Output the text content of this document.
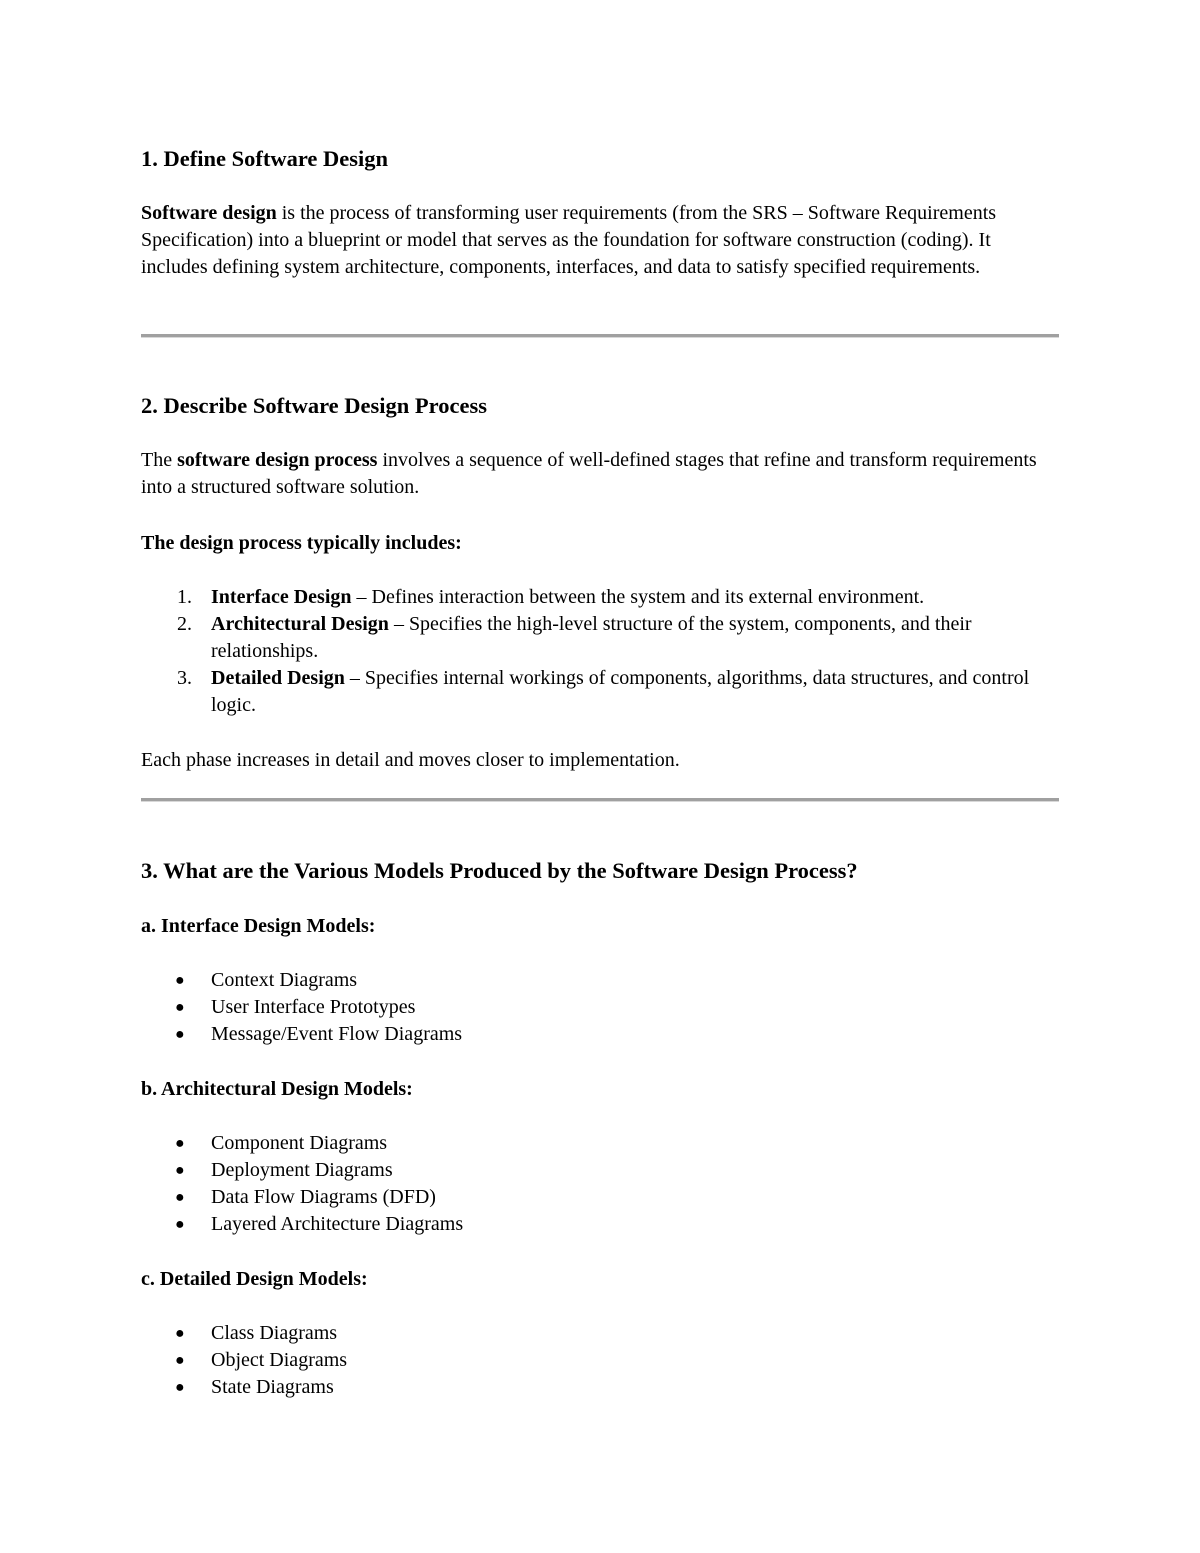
1. Define Software Design

Software design is the process of transforming user requirements (from the SRS – Software Requirements Specification) into a blueprint or model that serves as the foundation for software construction (coding). It includes defining system architecture, components, interfaces, and data to satisfy specified requirements.

2. Describe Software Design Process

The software design process involves a sequence of well-defined stages that refine and transform requirements into a structured software solution.

The design process typically includes:
1. Interface Design – Defines interaction between the system and its external environment.
2. Architectural Design – Specifies the high-level structure of the system, components, and their relationships.
3. Detailed Design – Specifies internal workings of components, algorithms, data structures, and control logic.

Each phase increases in detail and moves closer to implementation.

3. What are the Various Models Produced by the Software Design Process?
a. Interface Design Models:
● Context Diagrams
● User Interface Prototypes
● Message/Event Flow Diagrams
b. Architectural Design Models:
● Component Diagrams
● Deployment Diagrams
● Data Flow Diagrams (DFD)
● Layered Architecture Diagrams
c. Detailed Design Models:
● Class Diagrams
● Object Diagrams
● State Diagrams
